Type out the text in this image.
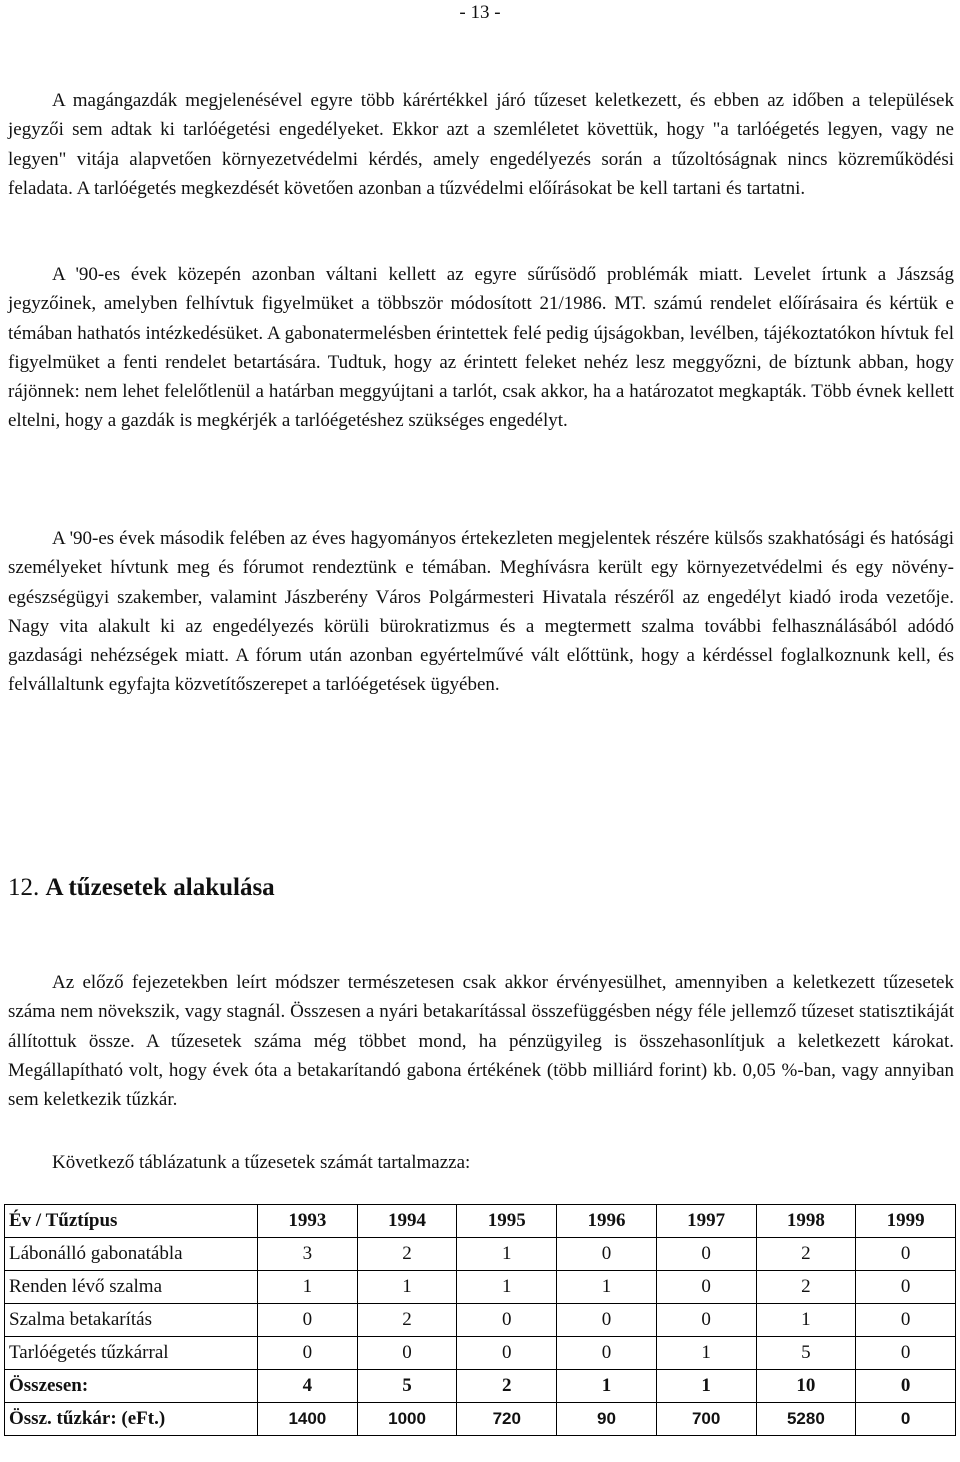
- 13 -

A magángazdák megjelenésével egyre több kárértékkel járó tűzeset keletkezett, és ebben az időben a települések jegyzői sem adtak ki tarlóégetési engedélyeket. Ekkor azt a szemléletet követtük, hogy "a tarlóégetés legyen, vagy ne legyen" vitája alapvetően környezetvédelmi kérdés, amely engedélyezés során a tűzoltóságnak nincs közreműködési feladata. A tarlóégetés megkezdését követően azonban a tűzvédelmi előírásokat be kell tartani és tartatni.

A '90-es évek közepén azonban váltani kellett az egyre sűrűsödő problémák miatt. Levelet írtunk a Jászság jegyzőinek, amelyben felhívtuk figyelmüket a többször módosított 21/1986. MT. számú rendelet előírásaira és kértük e témában hathatós intézkedésüket. A gabonatermelésben érintettek felé pedig újságokban, levélben, tájékoztatókon hívtuk fel figyelmüket a fenti rendelet betartására. Tudtuk, hogy az érintett feleket nehéz lesz meggyőzni, de bíztunk abban, hogy rájönnek: nem lehet felelőtlenül a határban meggyújtani a tarlót, csak akkor, ha a határozatot megkapták. Több évnek kellett eltelni, hogy a gazdák is megkérjék a tarlóégetéshez szükséges engedélyt.

A '90-es évek második felében az éves hagyományos értekezleten megjelentek részére külsős szakhatósági és hatósági személyeket hívtunk meg és fórumot rendeztünk e témában. Meghívásra került egy környezetvédelmi és egy növény-egészségügyi szakember, valamint Jászberény Város Polgármesteri Hivatala részéről az engedélyt kiadó iroda vezetője. Nagy vita alakult ki az engedélyezés körüli bürokratizmus és a megtermett szalma további felhasználásából adódó gazdasági nehézségek miatt. A fórum után azonban egyértelművé vált előttünk, hogy a kérdéssel foglalkoznunk kell, és felvállaltunk egyfajta közvetítőszerepet a tarlóégetések ügyében.

12. A tűzesetek alakulása

Az előző fejezetekben leírt módszer természetesen csak akkor érvényesülhet, amennyiben a keletkezett tűzesetek száma nem növekszik, vagy stagnál. Összesen a nyári betakarítással összefüggésben négy féle jellemző tűzeset statisztikáját állítottuk össze. A tűzesetek száma még többet mond, ha pénzügyileg is összehasonlítjuk a keletkezett károkat. Megállapítható volt, hogy évek óta a betakarítandó gabona értékének (több milliárd forint) kb. 0,05 %-ban, vagy annyiban sem keletkezik tűzkár.

Következő táblázatunk a tűzesetek számát tartalmazza:

Év / Tűztípus	1993	1994	1995	1996	1997	1998	1999
Lábonálló gabonatábla	3	2	1	0	0	2	0
Renden lévő szalma	1	1	1	1	0	2	0
Szalma betakarítás	0	2	0	0	0	1	0
Tarlóégetés tűzkárral	0	0	0	0	1	5	0
Összesen:	4	5	2	1	1	10	0
Össz. tűzkár: (eFt.)	1400	1000	720	90	700	5280	0
